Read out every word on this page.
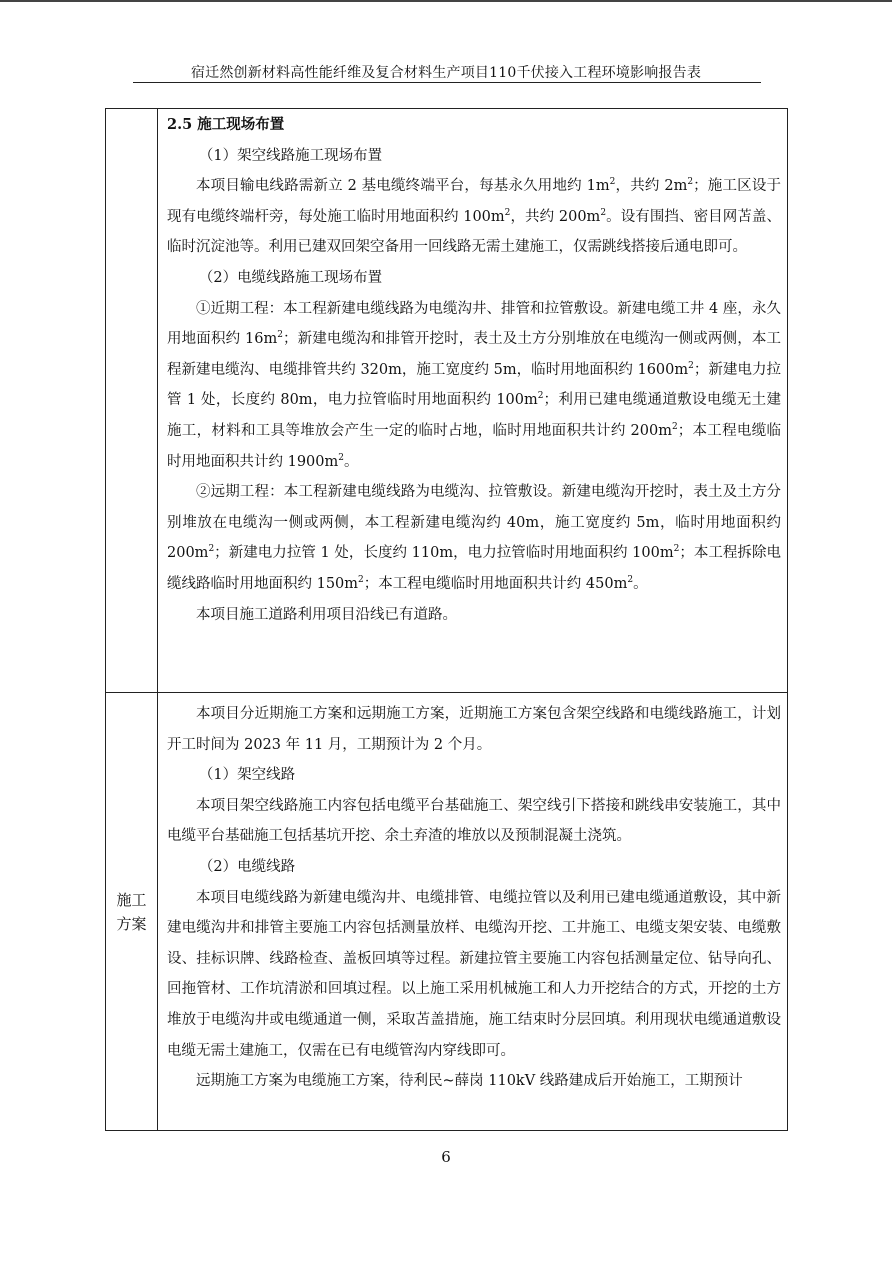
宿迁然创新材料高性能纤维及复合材料生产项目110千伏接入工程环境影响报告表

2.5 施工现场布置

（1）架空线路施工现场布置

本项目输电线路需新立 2 基电缆终端平台，每基永久用地约 $1m^2$，共约 $2m^2$；施工区设于现有电缆终端杆旁，每处施工临时用地面积约 $100m^2$，共约 $200m^2$。设有围挡、密目网苫盖、临时沉淀池等。利用已建双回架空备用一回线路无需土建施工，仅需跳线搭接后通电即可。

（2）电缆线路施工现场布置

①近期工程：本工程新建电缆线路为电缆沟井、排管和拉管敷设。新建电缆工井 4 座，永久用地面积约 $16m^2$；新建电缆沟和排管开挖时，表土及土方分别堆放在电缆沟一侧或两侧，本工程新建电缆沟、电缆排管共约 320m，施工宽度约 5m，临时用地面积约 $1600m^2$；新建电力拉管 1 处，长度约 80m，电力拉管临时用地面积约 $100m^2$；利用已建电缆通道敷设电缆无土建施工，材料和工具等堆放会产生一定的临时占地，临时用地面积共计约 $200m^2$；本工程电缆临时用地面积共计约 $1900m^2$。

②远期工程：本工程新建电缆线路为电缆沟、拉管敷设。新建电缆沟开挖时，表土及土方分别堆放在电缆沟一侧或两侧，本工程新建电缆沟约 40m，施工宽度约 5m，临时用地面积约 $200m^2$；新建电力拉管 1 处，长度约 110m，电力拉管临时用地面积约 $100m^2$；本工程拆除电缆线路临时用地面积约 $150m^2$；本工程电缆临时用地面积共计约 $450m^2$。

本项目施工道路利用项目沿线已有道路。

施工
方案

本项目分近期施工方案和远期施工方案，近期施工方案包含架空线路和电缆线路施工，计划开工时间为 2023 年 11 月，工期预计为 2 个月。

（1）架空线路

本项目架空线路施工内容包括电缆平台基础施工、架空线引下搭接和跳线串安装施工，其中电缆平台基础施工包括基坑开挖、余土弃渣的堆放以及预制混凝土浇筑。

（2）电缆线路

本项目电缆线路为新建电缆沟井、电缆排管、电缆拉管以及利用已建电缆通道敷设，其中新建电缆沟井和排管主要施工内容包括测量放样、电缆沟开挖、工井施工、电缆支架安装、电缆敷设、挂标识牌、线路检查、盖板回填等过程。新建拉管主要施工内容包括测量定位、钻导向孔、回拖管材、工作坑清淤和回填过程。以上施工采用机械施工和人力开挖结合的方式，开挖的土方堆放于电缆沟井或电缆通道一侧，采取苫盖措施，施工结束时分层回填。利用现状电缆通道敷设电缆无需土建施工，仅需在已有电缆管沟内穿线即可。

远期施工方案为电缆施工方案，待利民~薛岗 110kV 线路建成后开始施工，工期预计

6
